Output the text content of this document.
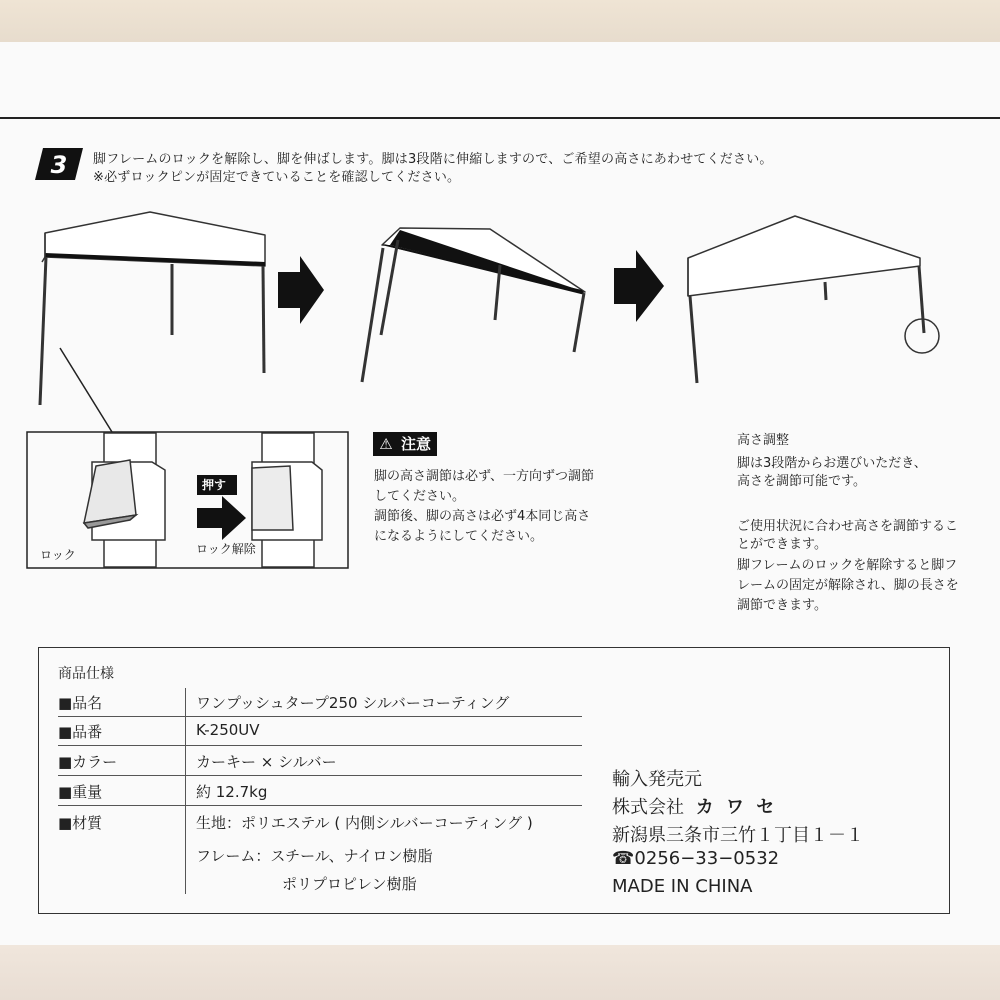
3 脚フレームのロックを解除し、脚を伸ばします。脚は3段階に伸縮しますので、ご希望の高さにあわせてください。
※必ずロックピンが固定できていることを確認してください。
ロック
押す
ロック解除
⚠ 注意
脚の高さ調節は必ず、一方向ずつ調節
してください。
調節後、脚の高さは必ず4本同じ高さ
になるようにしてください。
高さ調整
脚は3段階からお選びいただき、
高さを調節可能です。
ご使用状況に合わせ高さを調節するこ
とができます。
脚フレームのロックを解除すると脚フ
レームの固定が解除され、脚の長さを
調節できます。
商品仕様
■品名	ワンプッシュタープ250 シルバーコーティング
■品番	K-250UV
■カラー	カーキー × シルバー
■重量	約 12.7kg
■材質	生地：ポリエステル ( 内側シルバーコーティング )
フレーム：スチール、ナイロン樹脂
ポリプロピレン樹脂
輸入発売元
株式会社 カ ワ セ
新潟県三条市三竹１丁目１－１
☎0256−33−0532
MADE IN CHINA
